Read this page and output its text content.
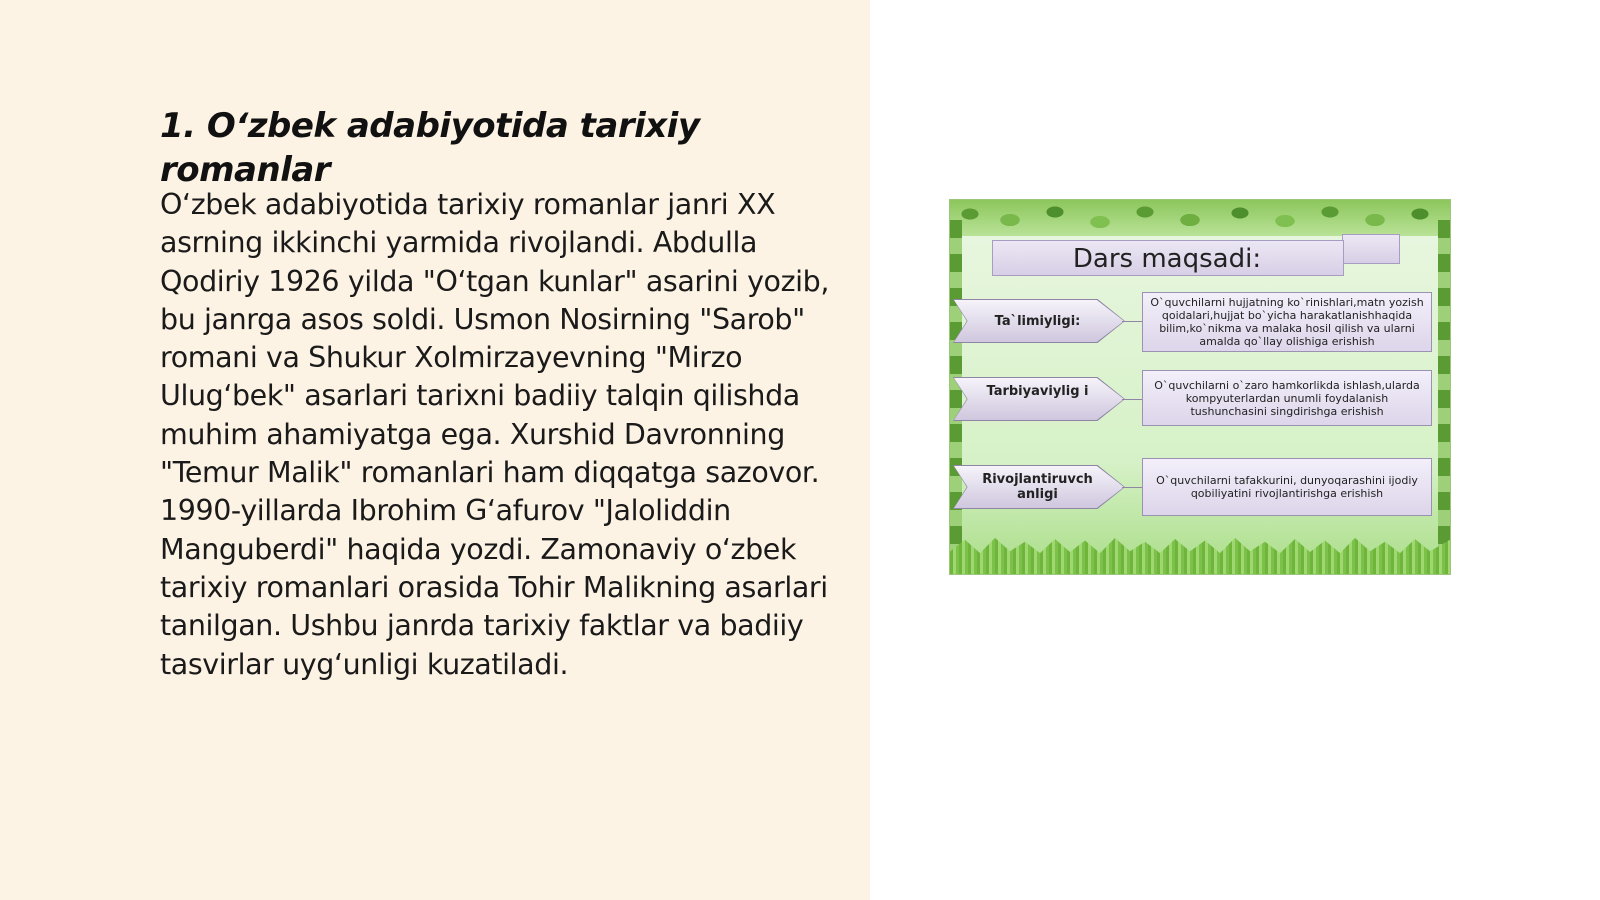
1. O‘zbek adabiyotida tarixiy romanlar

O‘zbek adabiyotida tarixiy romanlar janri XX asrning ikkinchi yarmida rivojlandi. Abdulla Qodiriy 1926 yilda "O‘tgan kunlar" asarini yozib, bu janrga asos soldi. Usmon Nosirning "Sarob" romani va Shukur Xolmirzayevning "Mirzo Ulug‘bek" asarlari tarixni badiiy talqin qilishda muhim ahamiyatga ega. Xurshid Davronning "Temur Malik" romanlari ham diqqatga sazovor. 1990-yillarda Ibrohim G‘afurov "Jaloliddin Manguberdi" haqida yozdi. Zamonaviy o‘zbek tarixiy romanlari orasida Tohir Malikning asarlari tanilgan. Ushbu janrda tarixiy faktlar va badiiy tasvirlar uyg‘unligi kuzatiladi.

Dars maqsadi:
Ta`limiyligi:
O`quvchilarni hujjatning ko`rinishlari,matn yozish qoidalari,hujjat bo`yicha harakatlanishhaqida bilim,ko`nikma va malaka hosil qilish va ularni amalda qo`llay olishiga erishish
Tarbiyaviylig i	O`quvchilarni o`zaro hamkorlikda ishlash,ularda kompyuterlardan unumli foydalanish tushunchasini singdirishga erishish
Rivojlantiruvch anligi
O`quvchilarni tafakkurini, dunyoqarashini ijodiy qobiliyatini rivojlantirishga erishish
